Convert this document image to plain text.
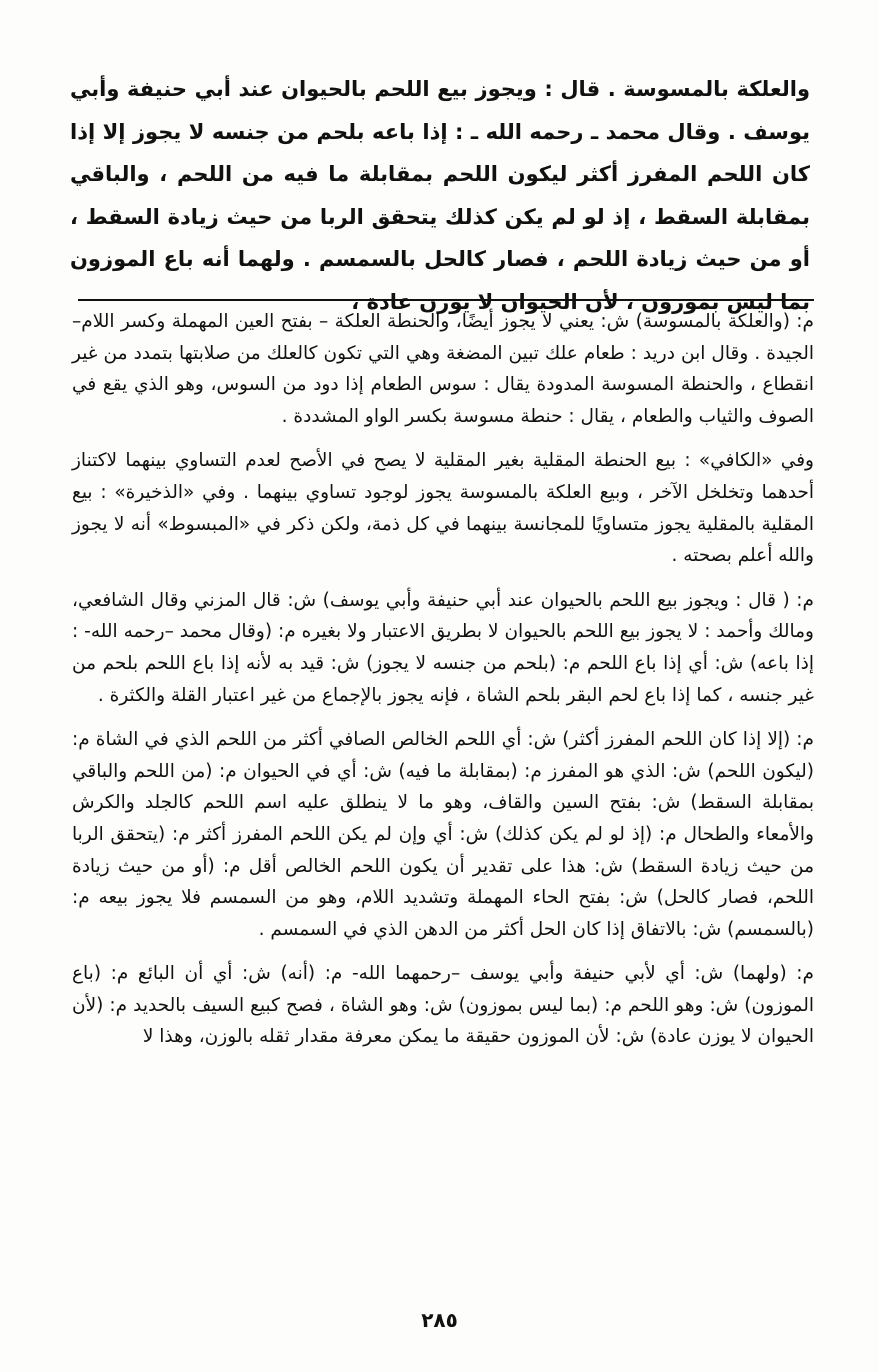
والعلكة بالمسوسة . قال : ويجوز بيع اللحم بالحيوان عند أبي حنيفة وأبي يوسف . وقال محمد ـ رحمه الله ـ : إذا باعه بلحم من جنسه لا يجوز إلا إذا كان اللحم المفرز أكثر ليكون اللحم بمقابلة ما فيه من اللحم ، والباقي بمقابلة السقط ، إذ لو لم يكن كذلك يتحقق الربا من حيث زيادة السقط ، أو من حيث زيادة اللحم ، فصار كالحل بالسمسم . ولهما أنه باع الموزون بما ليس بموزون ، لأن الحيوان لا يوزن عادة ،

م: (والعلكة بالمسوسة) ش: يعني لا يجوز أيضًا، والحنطة العلكة – بفتح العين المهملة وكسر اللام– الجيدة . وقال ابن دريد : طعام علك تبين المضغة وهي التي تكون كالعلك من صلابتها بتمدد من غير انقطاع ، والحنطة المسوسة المدودة يقال : سوس الطعام إذا دود من السوس، وهو الذي يقع في الصوف والثياب والطعام ، يقال : حنطة مسوسة بكسر الواو المشددة .

وفي «الكافي» : بيع الحنطة المقلية بغير المقلية لا يصح في الأصح لعدم التساوي بينهما لاكتناز أحدهما وتخلخل الآخر ، وبيع العلكة بالمسوسة يجوز لوجود تساوي بينهما . وفي «الذخيرة» : بيع المقلية بالمقلية يجوز متساويًا للمجانسة بينهما في كل ذمة، ولكن ذكر في «المبسوط» أنه لا يجوز والله أعلم بصحته .

م: ( قال : ويجوز بيع اللحم بالحيوان عند أبي حنيفة وأبي يوسف) ش: قال المزني وقال الشافعي، ومالك وأحمد : لا يجوز بيع اللحم بالحيوان لا بطريق الاعتبار ولا بغيره م: (وقال محمد –رحمه الله- : إذا باعه) ش: أي إذا باع اللحم م: (بلحم من جنسه لا يجوز) ش: قيد به لأنه إذا باع اللحم بلحم من غير جنسه ، كما إذا باع لحم البقر بلحم الشاة ، فإنه يجوز بالإجماع من غير اعتبار القلة والكثرة .

م: (إلا إذا كان اللحم المفرز أكثر) ش: أي اللحم الخالص الصافي أكثر من اللحم الذي في الشاة م: (ليكون اللحم) ش: الذي هو المفرز م: (بمقابلة ما فيه) ش: أي في الحيوان م: (من اللحم والباقي بمقابلة السقط) ش: بفتح السين والقاف، وهو ما لا ينطلق عليه اسم اللحم كالجلد والكرش والأمعاء والطحال م: (إذ لو لم يكن كذلك) ش: أي وإن لم يكن اللحم المفرز أكثر م: (يتحقق الربا من حيث زيادة السقط) ش: هذا على تقدير أن يكون اللحم الخالص أقل م: (أو من حيث زيادة اللحم، فصار كالحل) ش: بفتح الحاء المهملة وتشديد اللام، وهو من السمسم فلا يجوز بيعه م: (بالسمسم) ش: بالاتفاق إذا كان الحل أكثر من الدهن الذي في السمسم .

م: (ولهما) ش: أي لأبي حنيفة وأبي يوسف –رحمهما الله- م: (أنه) ش: أي أن البائع م: (باع الموزون) ش: وهو اللحم م: (بما ليس بموزون) ش: وهو الشاة ، فصح كبيع السيف بالحديد م: (لأن الحيوان لا يوزن عادة) ش: لأن الموزون حقيقة ما يمكن معرفة مقدار ثقله بالوزن، وهذا لا

٢٨٥
